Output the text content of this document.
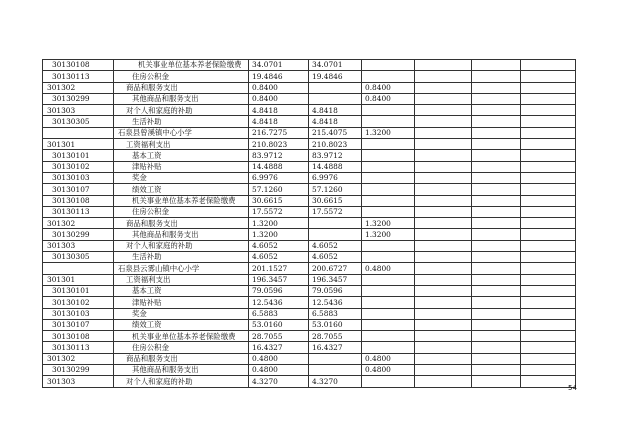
30130108	机关事业单位基本养老保险缴费	34.0701	34.0701				
30130113	住房公积金	19.4846	19.4846				
301302	商品和服务支出	0.8400		0.8400			
30130299	其他商品和服务支出	0.8400		0.8400			
301303	对个人和家庭的补助	4.8418	4.8418				
30130305	生活补助	4.8418	4.8418				
	石泉县曾溪镇中心小学	216.7275	215.4075	1.3200			
301301	工资福利支出	210.8023	210.8023				
30130101	基本工资	83.9712	83.9712				
30130102	津贴补贴	14.4888	14.4888				
30130103	奖金	6.9976	6.9976				
30130107	绩效工资	57.1260	57.1260				
30130108	机关事业单位基本养老保险缴费	30.6615	30.6615				
30130113	住房公积金	17.5572	17.5572				
301302	商品和服务支出	1.3200		1.3200			
30130299	其他商品和服务支出	1.3200		1.3200			
301303	对个人和家庭的补助	4.6052	4.6052				
30130305	生活补助	4.6052	4.6052				
	石泉县云雾山镇中心小学	201.1527	200.6727	0.4800			
301301	工资福利支出	196.3457	196.3457				
30130101	基本工资	79.0596	79.0596				
30130102	津贴补贴	12.5436	12.5436				
30130103	奖金	6.5883	6.5883				
30130107	绩效工资	53.0160	53.0160				
30130108	机关事业单位基本养老保险缴费	28.7055	28.7055				
30130113	住房公积金	16.4327	16.4327				
301302	商品和服务支出	0.4800		0.4800			
30130299	其他商品和服务支出	0.4800		0.4800			
301303	对个人和家庭的补助	4.3270	4.3270				
54
